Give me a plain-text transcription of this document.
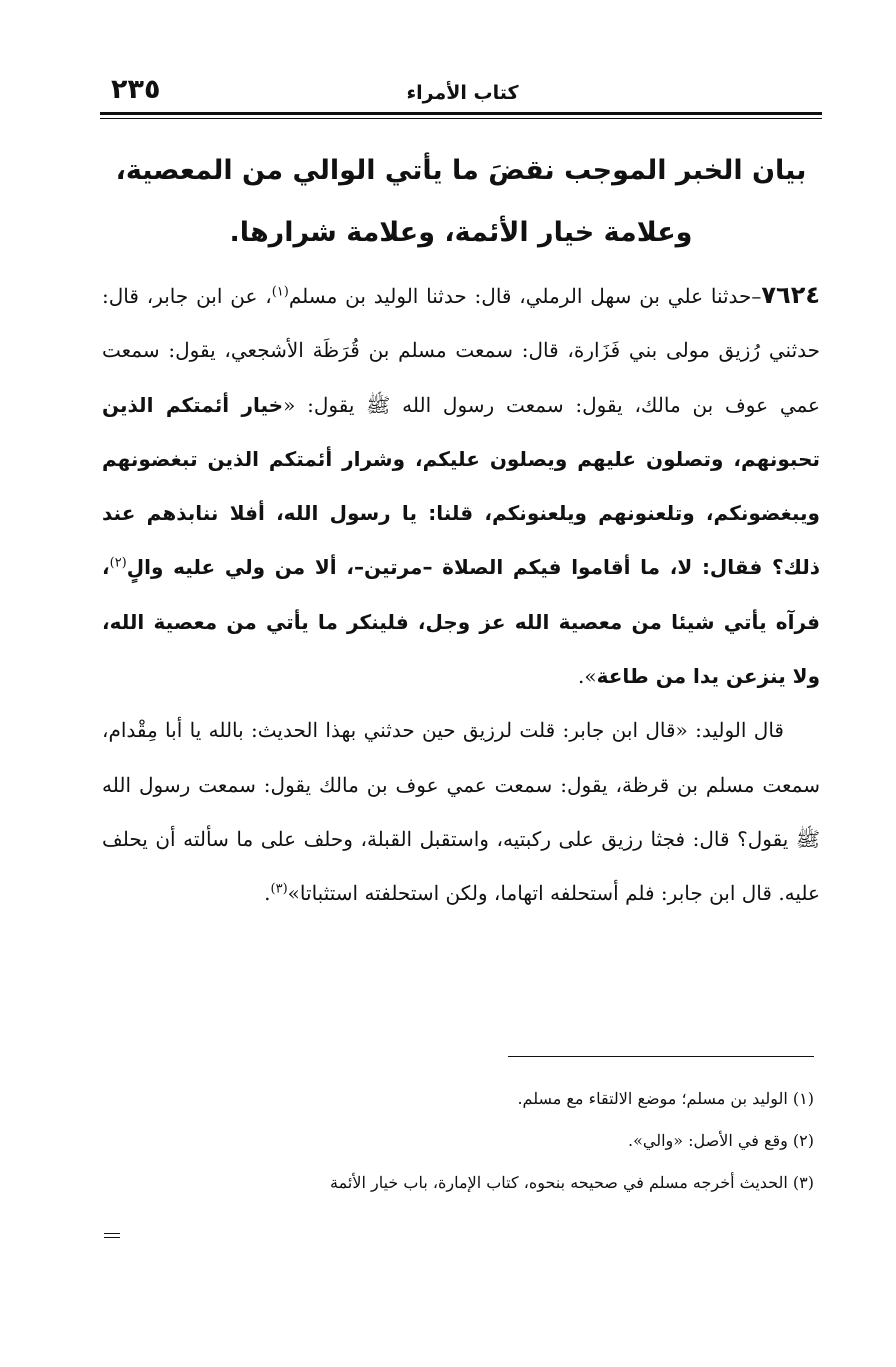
٢٣٥	كتاب الأمراء
بيان الخبر الموجب نقضَ ما يأتي الوالي من المعصية، وعلامة خيار الأئمة، وعلامة شرارها.

٧٦٢٤–حدثنا علي بن سهل الرملي، قال: حدثنا الوليد بن مسلم$^{(١)}$، عن ابن جابر، قال: حدثني رُزيق مولى بني فَزَارة، قال: سمعت مسلم بن قُرَظَة الأشجعي، يقول: سمعت عمي عوف بن مالك، يقول: سمعت رسول الله ﷺ يقول: «خيار أئمتكم الذين تحبونهم، وتصلون عليهم ويصلون عليكم، وشرار أئمتكم الذين تبغضونهم ويبغضونكم، وتلعنونهم ويلعنونكم، قلنا: يا رسول الله، أفلا ننابذهم عند ذلك؟ فقال: لا، ما أقاموا فيكم الصلاة –مرتين–، ألا من ولي عليه والٍ$^{(٢)}$، فرآه يأتي شيئا من معصية الله عز وجل، فلينكر ما يأتي من معصية الله، ولا ينزعن يدا من طاعة».

قال الوليد: «قال ابن جابر: قلت لرزيق حين حدثني بهذا الحديث: بالله يا أبا مِقْدام، سمعت مسلم بن قرظة، يقول: سمعت عمي عوف بن مالك يقول: سمعت رسول الله ﷺ يقول؟ قال: فجثا رزيق على ركبتيه، واستقبل القبلة، وحلف على ما سألته أن يحلف عليه. قال ابن جابر: فلم أستحلفه اتهاما، ولكن استحلفته استثباتا»$^{(٣)}$.

(١) الوليد بن مسلم؛ موضع الالتقاء مع مسلم.

(٢) وقع في الأصل: «والي».

(٣) الحديث أخرجه مسلم في صحيحه بنحوه، كتاب الإمارة، باب خيار الأئمة
